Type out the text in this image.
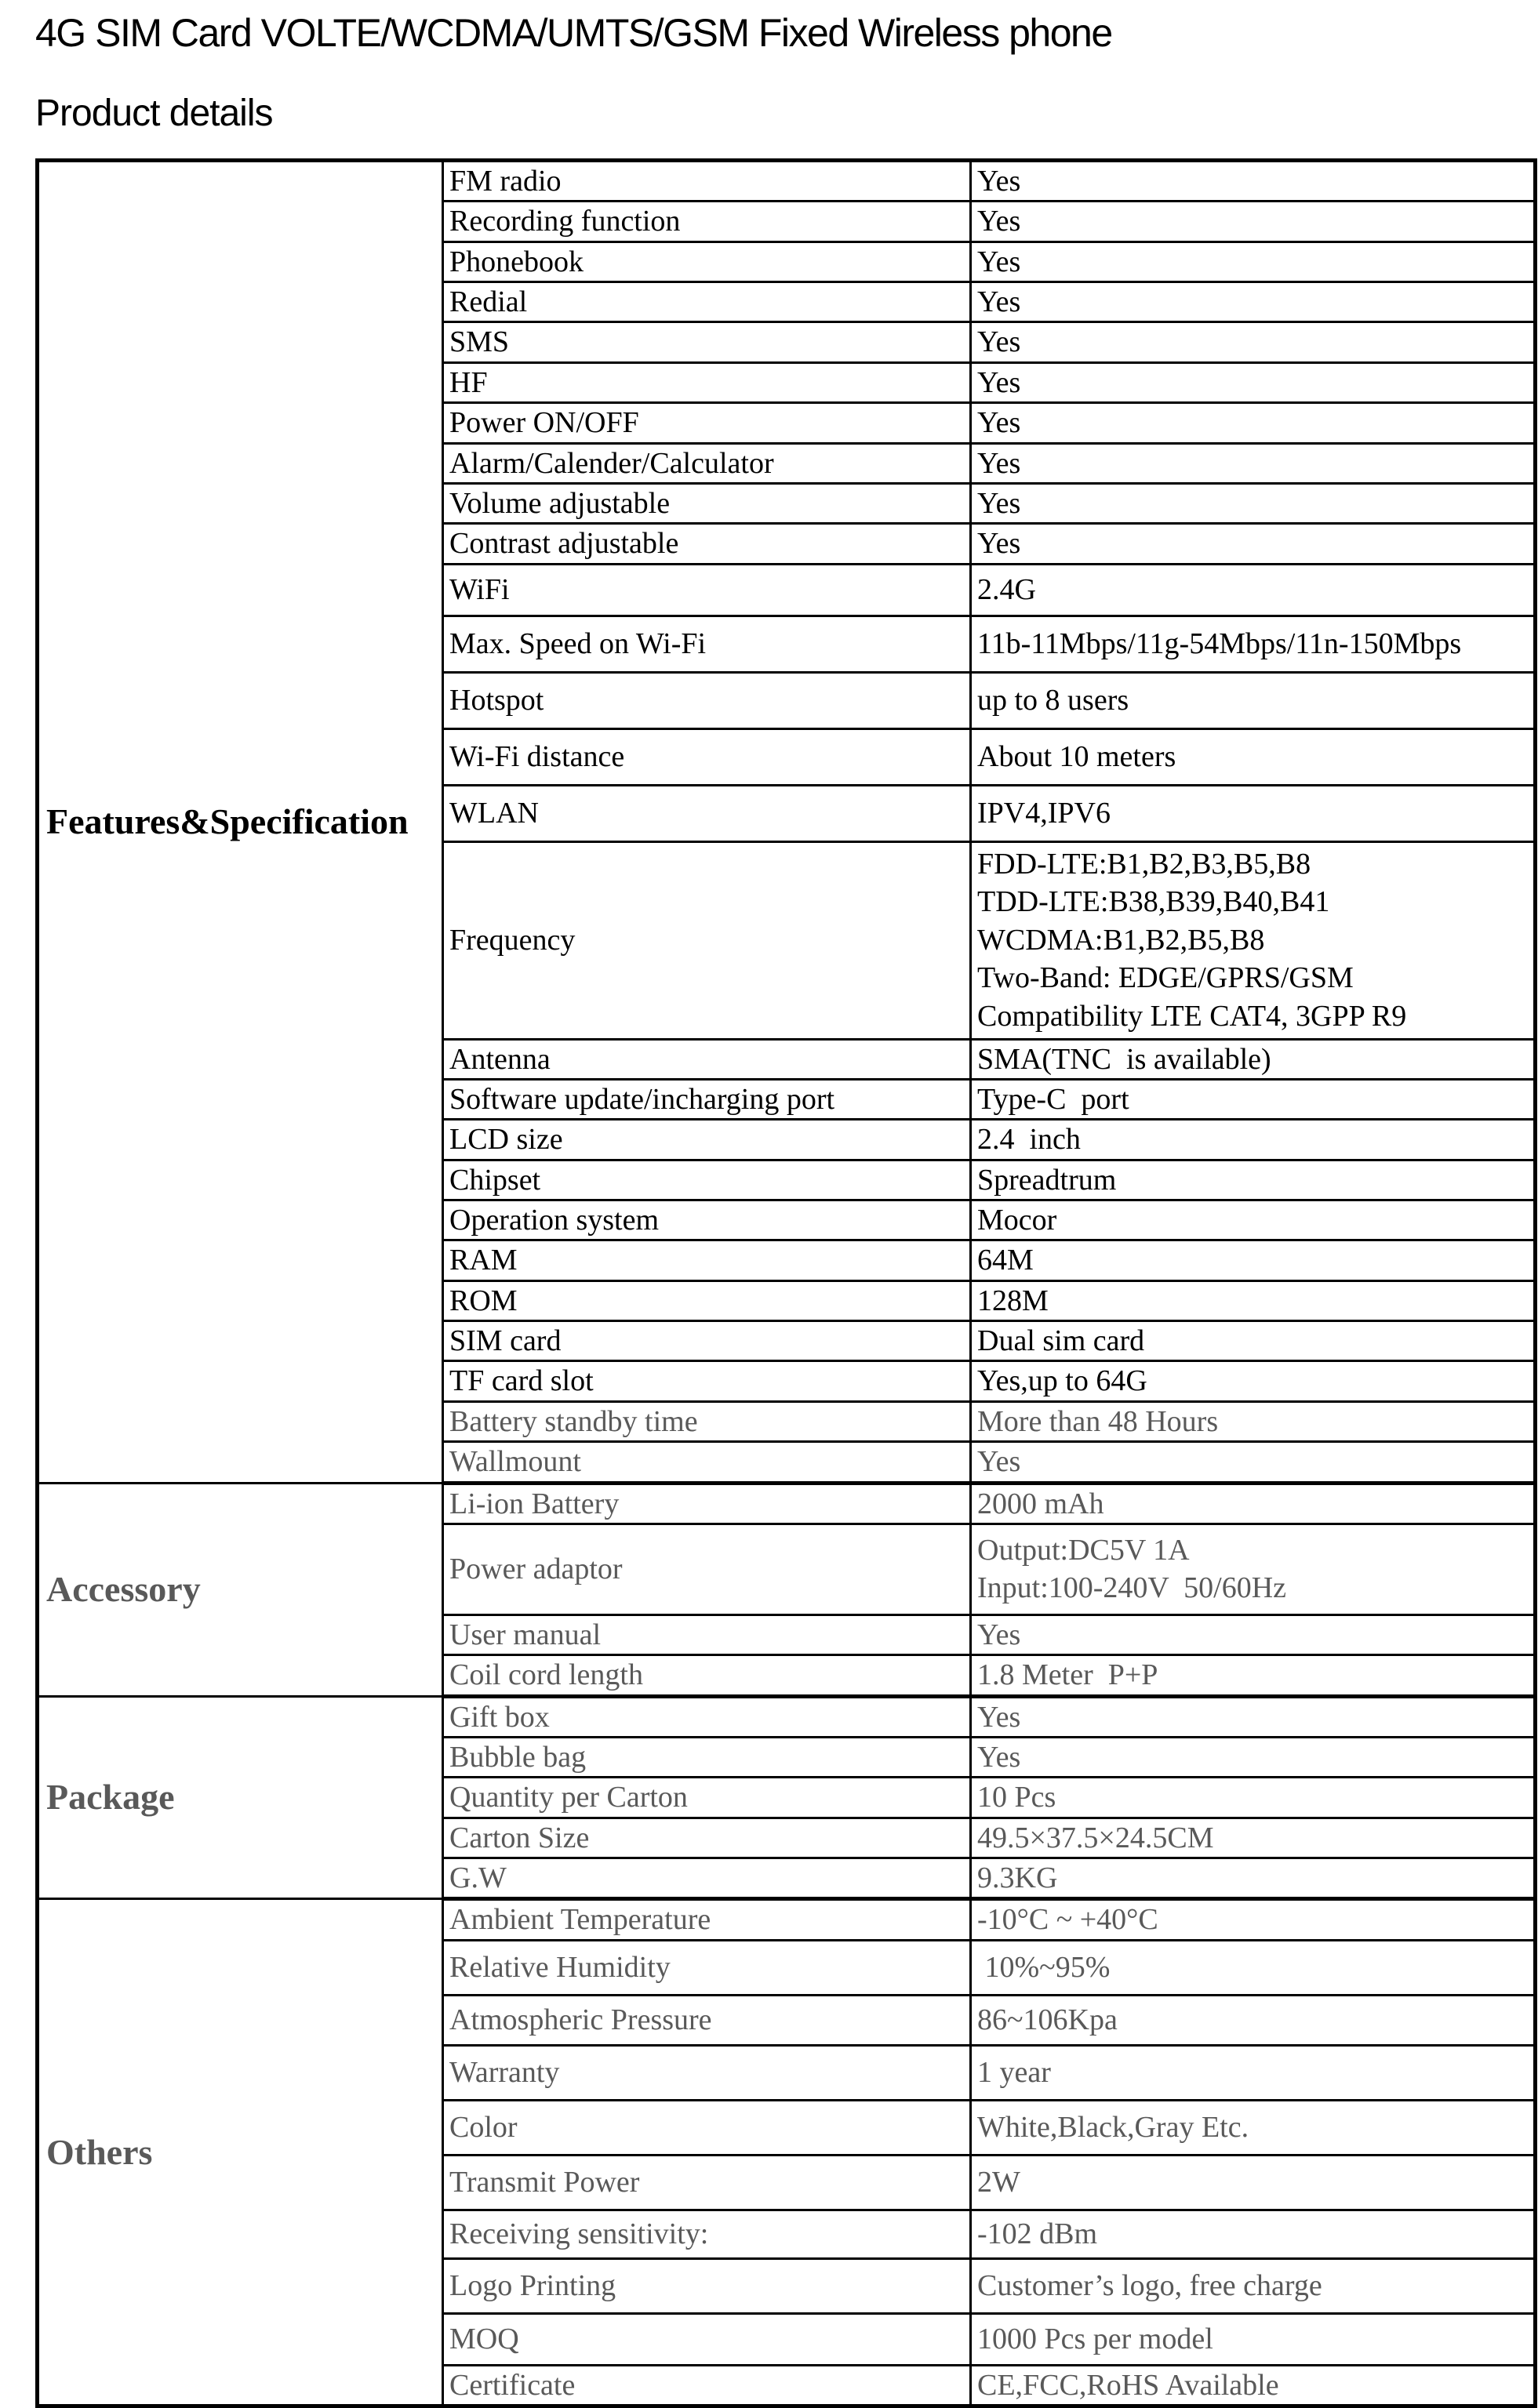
4G SIM Card VOLTE/WCDMA/UMTS/GSM Fixed Wireless phone
Product details
Features&Specification	FM radio	Yes
	Recording function	Yes
	Phonebook	Yes
	Redial	Yes
	SMS	Yes
	HF	Yes
	Power ON/OFF	Yes
	Alarm/Calender/Calculator	Yes
	Volume adjustable	Yes
	Contrast adjustable	Yes
	WiFi	2.4G
	Max. Speed on Wi-Fi	11b-11Mbps/11g-54Mbps/11n-150Mbps
	Hotspot	up to 8 users
	Wi-Fi distance	About 10 meters
	WLAN	IPV4,IPV6
	Frequency	FDD-LTE:B1,B2,B3,B5,B8
TDD-LTE:B38,B39,B40,B41
WCDMA:B1,B2,B5,B8
Two-Band: EDGE/GPRS/GSM
Compatibility LTE CAT4, 3GPP R9

	Antenna	SMA(TNC  is available)
	Software update/incharging port	Type-C  port
	LCD size	2.4  inch
	Chipset	Spreadtrum
	Operation system	Mocor
	RAM	64M
	ROM	128M
	SIM card	Dual sim card
	TF card slot	Yes,up to 64G
	Battery standby time	More than 48 Hours
	Wallmount	Yes
Accessory	Li-ion Battery	2000 mAh
	Power adaptor	Output:DC5V 1A
Input:100-240V  50/60Hz

	User manual	Yes
	Coil cord length	1.8 Meter  P+P
Package	Gift box	Yes
	Bubble bag	Yes
	Quantity per Carton	10 Pcs
	Carton Size	49.5×37.5×24.5CM
	G.W	9.3KG
Others	Ambient Temperature	-10°C ~ +40°C
	Relative Humidity	10%~95%
	Atmospheric Pressure	86~106Kpa
	Warranty	1 year
	Color	White,Black,Gray Etc.
	Transmit Power	2W
	Receiving sensitivity:	-102 dBm
	Logo Printing	Customer’s logo, free charge
	MOQ	1000 Pcs per model
	Certificate	CE,FCC,RoHS Available
